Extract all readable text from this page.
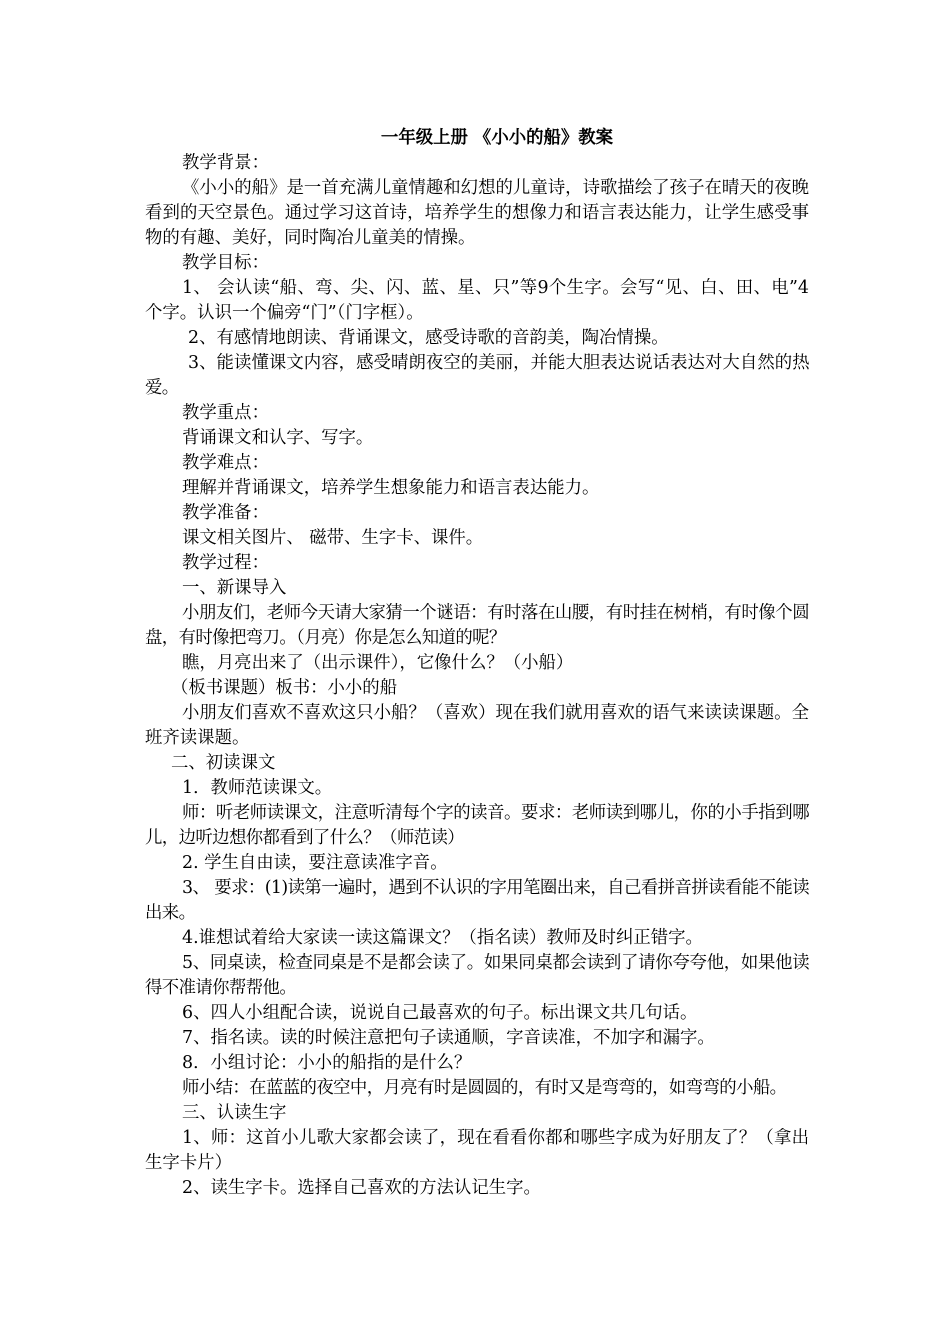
一年级上册 《小小的船》教案

教学背景：

《小小的船》是一首充满儿童情趣和幻想的儿童诗，诗歌描绘了孩子在晴天的夜晚看到的天空景色。通过学习这首诗，培养学生的想像力和语言表达能力，让学生感受事物的有趣、美好，同时陶冶儿童美的情操。

教学目标：

1、 会认读“船、弯、尖、闪、蓝、星、只”等9个生字。会写“见、白、田、电”4个字。认识一个偏旁“门”（门字框）。

2、有感情地朗读、背诵课文，感受诗歌的音韵美，陶冶情操。

3、能读懂课文内容，感受晴朗夜空的美丽，并能大胆表达说话表达对大自然的热爱。

教学重点：

背诵课文和认字、写字。

教学难点：

理解并背诵课文，培养学生想象能力和语言表达能力。

教学准备：

课文相关图片、 磁带、生字卡、课件。

教学过程：

一、新课导入

小朋友们，老师今天请大家猜一个谜语：有时落在山腰，有时挂在树梢，有时像个圆盘，有时像把弯刀。（月亮）你是怎么知道的呢？

瞧，月亮出来了（出示课件），它像什么？（小船）

（板书课题）板书：小小的船

小朋友们喜欢不喜欢这只小船？（喜欢）现在我们就用喜欢的语气来读读课题。全班齐读课题。

二、初读课文

1．教师范读课文。

师：听老师读课文，注意听清每个字的读音。要求：老师读到哪儿，你的小手指到哪儿，边听边想你都看到了什么？（师范读）

2. 学生自由读，要注意读准字音。

3、 要求：(1)读第一遍时，遇到不认识的字用笔圈出来，自己看拼音拼读看能不能读出来。

4.谁想试着给大家读一读这篇课文？（指名读）教师及时纠正错字。

5、同桌读，检查同桌是不是都会读了。如果同桌都会读到了请你夸夸他，如果他读得不准请你帮帮他。

6、四人小组配合读，说说自己最喜欢的句子。标出课文共几句话。

7、指名读。读的时候注意把句子读通顺，字音读准，不加字和漏字。

8．小组讨论：小小的船指的是什么？

师小结：在蓝蓝的夜空中，月亮有时是圆圆的，有时又是弯弯的，如弯弯的小船。

三、认读生字

1、师：这首小儿歌大家都会读了，现在看看你都和哪些字成为好朋友了？（拿出生字卡片）

2、读生字卡。选择自己喜欢的方法认记生字。
